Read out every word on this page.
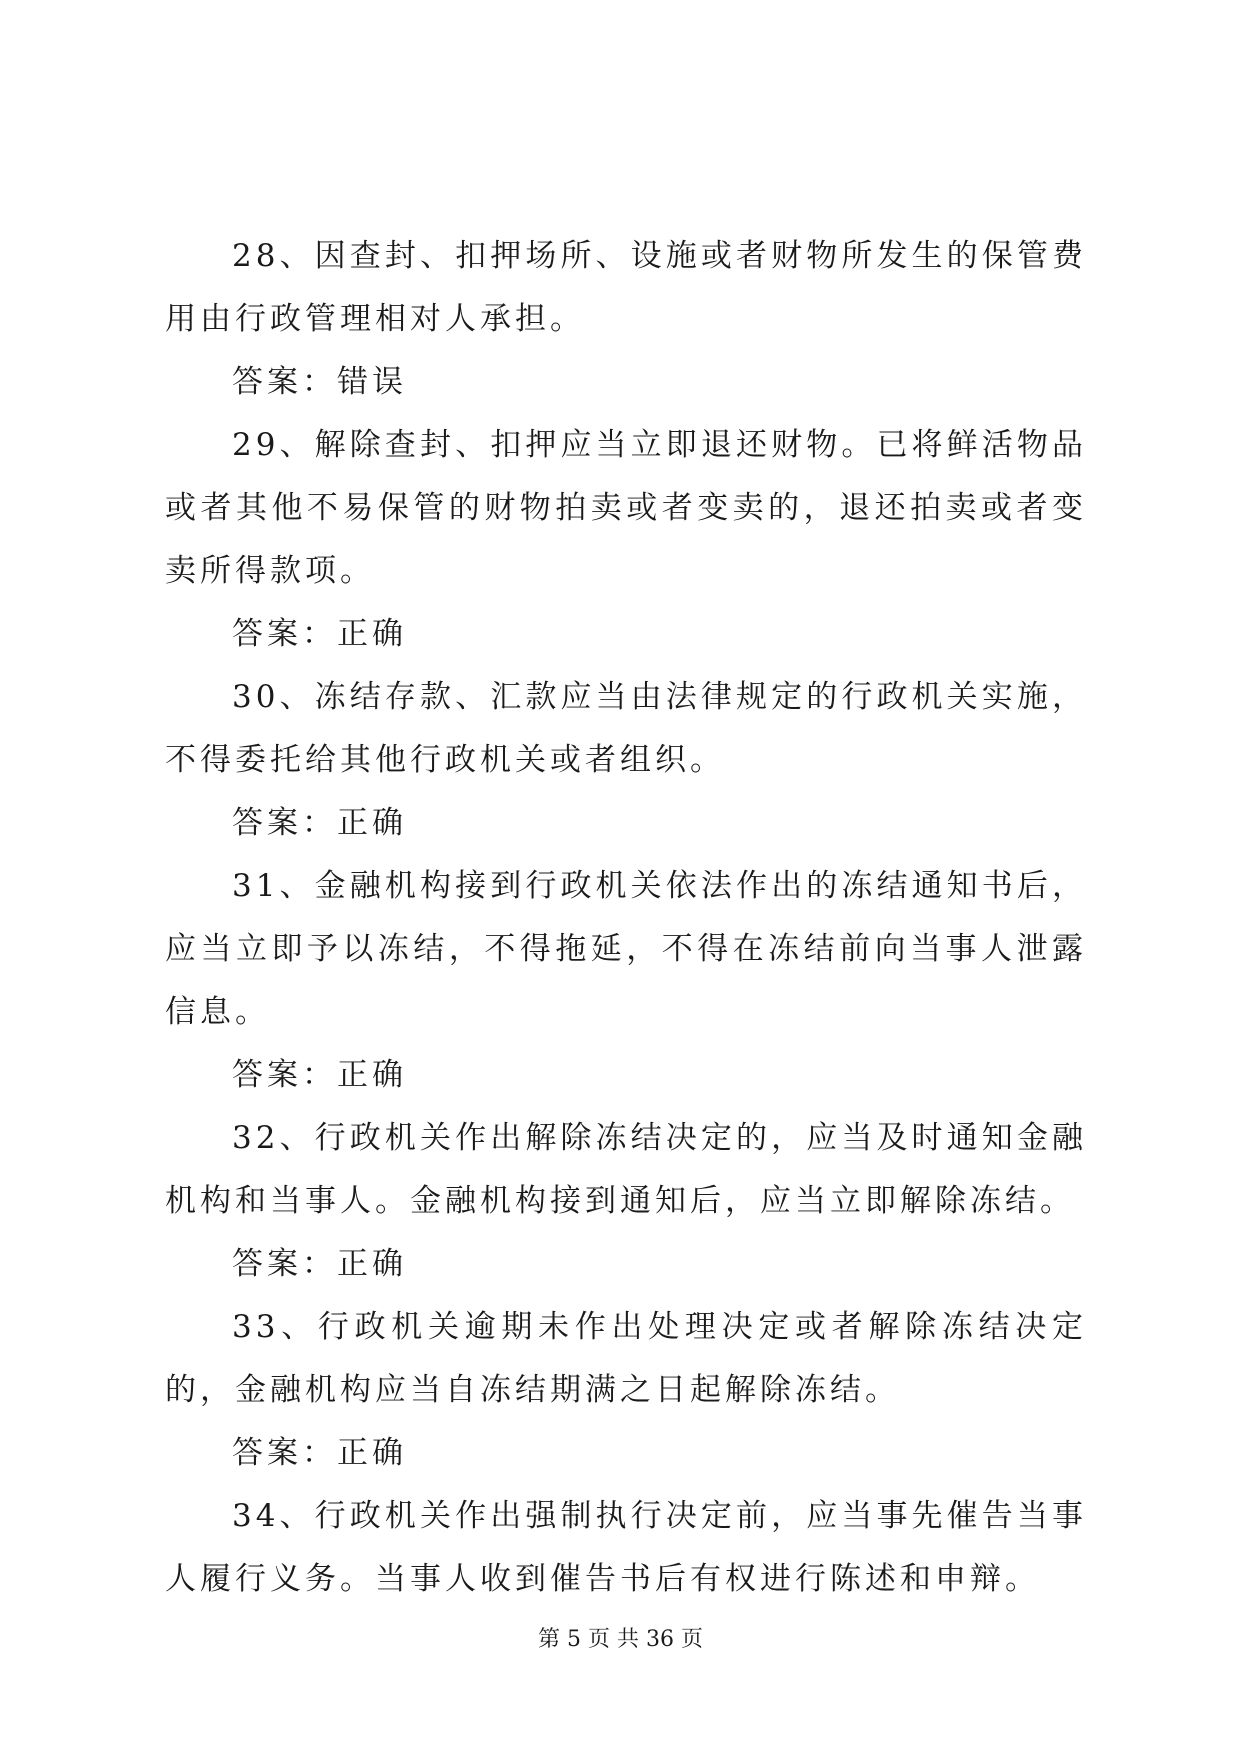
28、因查封、扣押场所、设施或者财物所发生的保管费用由行政管理相对人承担。

答案：错误

29、解除查封、扣押应当立即退还财物。已将鲜活物品或者其他不易保管的财物拍卖或者变卖的，退还拍卖或者变卖所得款项。

答案：正确

30、冻结存款、汇款应当由法律规定的行政机关实施，不得委托给其他行政机关或者组织。

答案：正确

31、金融机构接到行政机关依法作出的冻结通知书后，应当立即予以冻结，不得拖延，不得在冻结前向当事人泄露信息。

答案：正确

32、行政机关作出解除冻结决定的，应当及时通知金融机构和当事人。金融机构接到通知后，应当立即解除冻结。

答案：正确

33、行政机关逾期未作出处理决定或者解除冻结决定的，金融机构应当自冻结期满之日起解除冻结。

答案：正确

34、行政机关作出强制执行决定前，应当事先催告当事人履行义务。当事人收到催告书后有权进行陈述和申辩。

第 5 页 共 36 页
